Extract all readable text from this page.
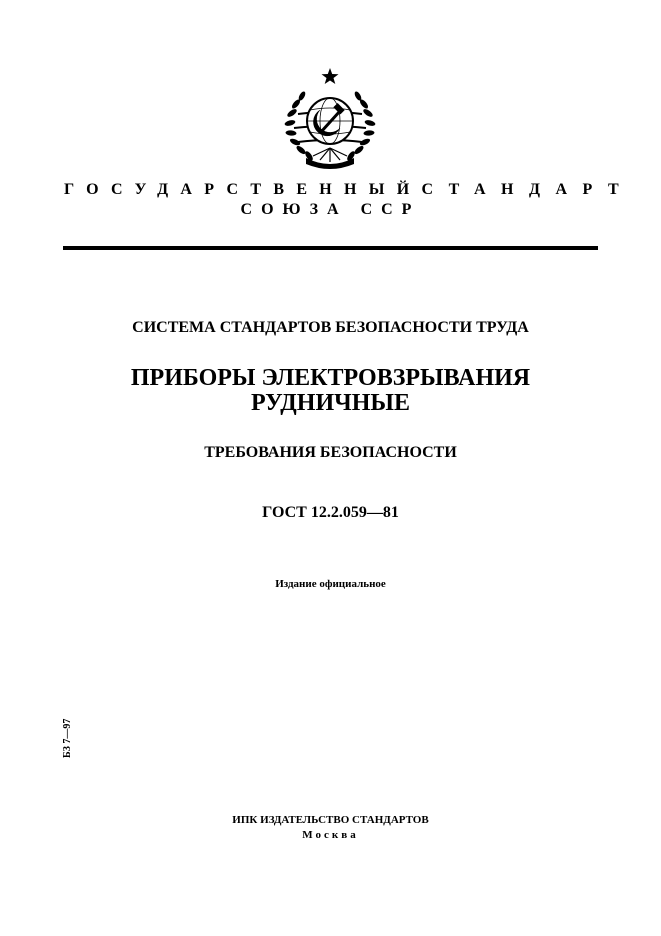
ГОСУДАРСТВЕННЫЙ СТАНДАРТ
СОЮЗА ССР
СИСТЕМА СТАНДАРТОВ БЕЗОПАСНОСТИ ТРУДА
ПРИБОРЫ ЭЛЕКТРОВЗРЫВАНИЯ
РУДНИЧНЫЕ
ТРЕБОВАНИЯ БЕЗОПАСНОСТИ
ГОСТ 12.2.059—81
Издание официальное
БЗ 7—97
ИПК ИЗДАТЕЛЬСТВО СТАНДАРТОВ
Москва
